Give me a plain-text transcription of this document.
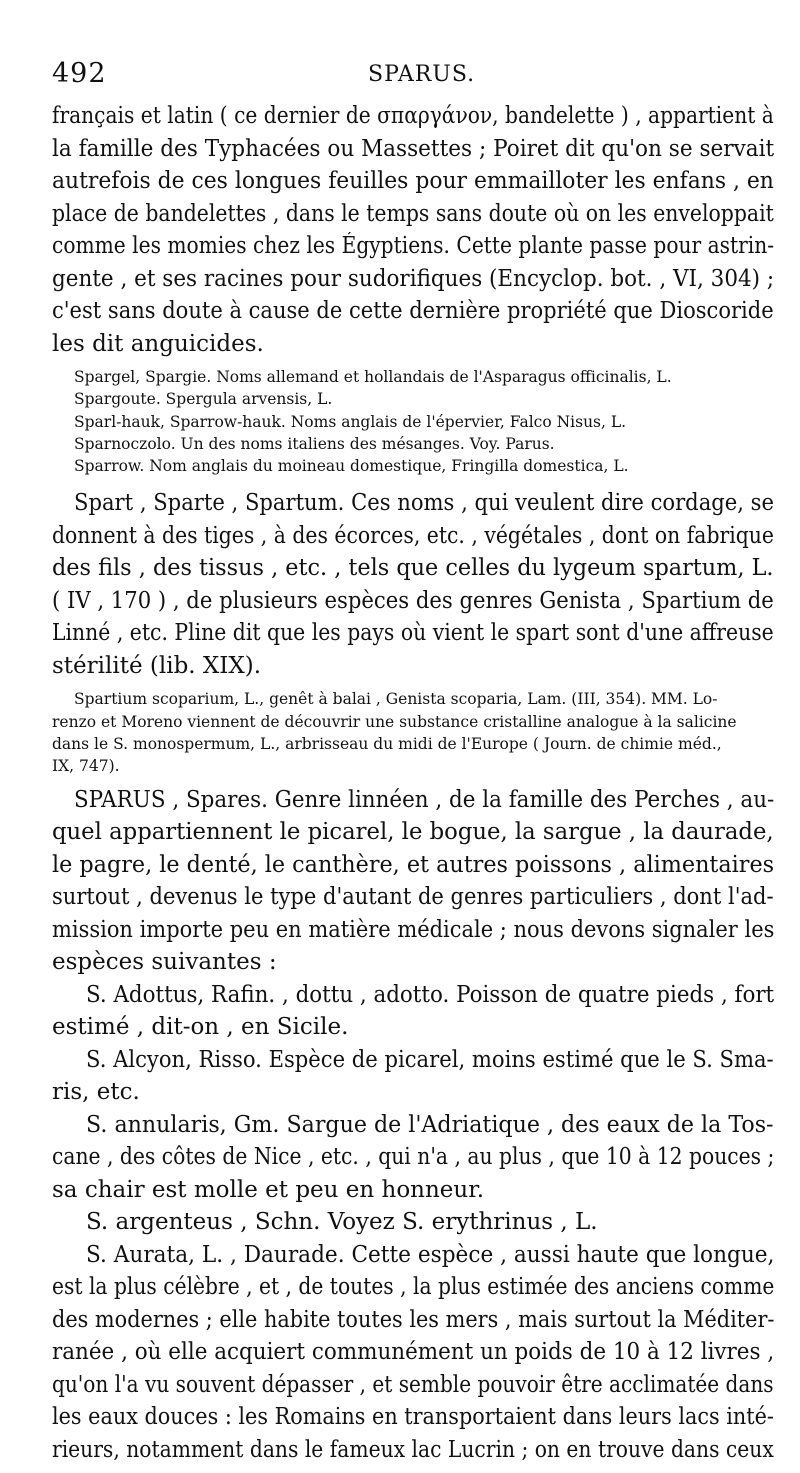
492	SPARUS.
français et latin ( ce dernier de σπαργάνον, bandelette ) , appartient à
la famille des Typhacées ou Massettes ; Poiret dit qu'on se servait
autrefois de ces longues feuilles pour emmailloter les enfans , en
place de bandelettes , dans le temps sans doute où on les enveloppait
comme les momies chez les Égyptiens. Cette plante passe pour astrin-
gente , et ses racines pour sudorifiques (Encyclop. bot. , VI, 304) ;
c'est sans doute à cause de cette dernière propriété que Dioscoride
les dit anguicides.
Spargel, Spargie. Noms allemand et hollandais de l'Asparagus officinalis, L.
Spargoute. Spergula arvensis, L.
Sparl-hauk, Sparrow-hauk. Noms anglais de l'épervier, Falco Nisus, L.
Sparnoczolo. Un des noms italiens des mésanges. Voy. Parus.
Sparrow. Nom anglais du moineau domestique, Fringilla domestica, L.
Spart , Sparte , Spartum. Ces noms , qui veulent dire cordage, se
donnent à des tiges , à des écorces, etc. , végétales , dont on fabrique
des fils , des tissus , etc. , tels que celles du lygeum spartum, L.
( IV , 170 ) , de plusieurs espèces des genres Genista , Spartium de
Linné , etc. Pline dit que les pays où vient le spart sont d'une affreuse
stérilité (lib. XIX).
Spartium scoparium, L., genêt à balai , Genista scoparia, Lam. (III, 354). MM. Lo-
renzo et Moreno viennent de découvrir une substance cristalline analogue à la salicine
dans le S. monospermum, L., arbrisseau du midi de l'Europe ( Journ. de chimie méd.,
IX, 747).
SPARUS , Spares. Genre linnéen , de la famille des Perches , au-
quel appartiennent le picarel, le bogue, la sargue , la daurade,
le pagre, le denté, le canthère, et autres poissons , alimentaires
surtout , devenus le type d'autant de genres particuliers , dont l'ad-
mission importe peu en matière médicale ; nous devons signaler les
espèces suivantes :
S. Adottus, Rafin. , dottu , adotto. Poisson de quatre pieds , fort
estimé , dit-on , en Sicile.
S. Alcyon, Risso. Espèce de picarel, moins estimé que le S. Sma-
ris, etc.
S. annularis, Gm. Sargue de l'Adriatique , des eaux de la Tos-
cane , des côtes de Nice , etc. , qui n'a , au plus , que 10 à 12 pouces ;
sa chair est molle et peu en honneur.
S. argenteus , Schn. Voyez S. erythrinus , L.
S. Aurata, L. , Daurade. Cette espèce , aussi haute que longue,
est la plus célèbre , et , de toutes , la plus estimée des anciens comme
des modernes ; elle habite toutes les mers , mais surtout la Méditer-
ranée , où elle acquiert communément un poids de 10 à 12 livres ,
qu'on l'a vu souvent dépasser , et semble pouvoir être acclimatée dans
les eaux douces : les Romains en transportaient dans leurs lacs inté-
rieurs, notamment dans le fameux lac Lucrin ; on en trouve dans ceux
